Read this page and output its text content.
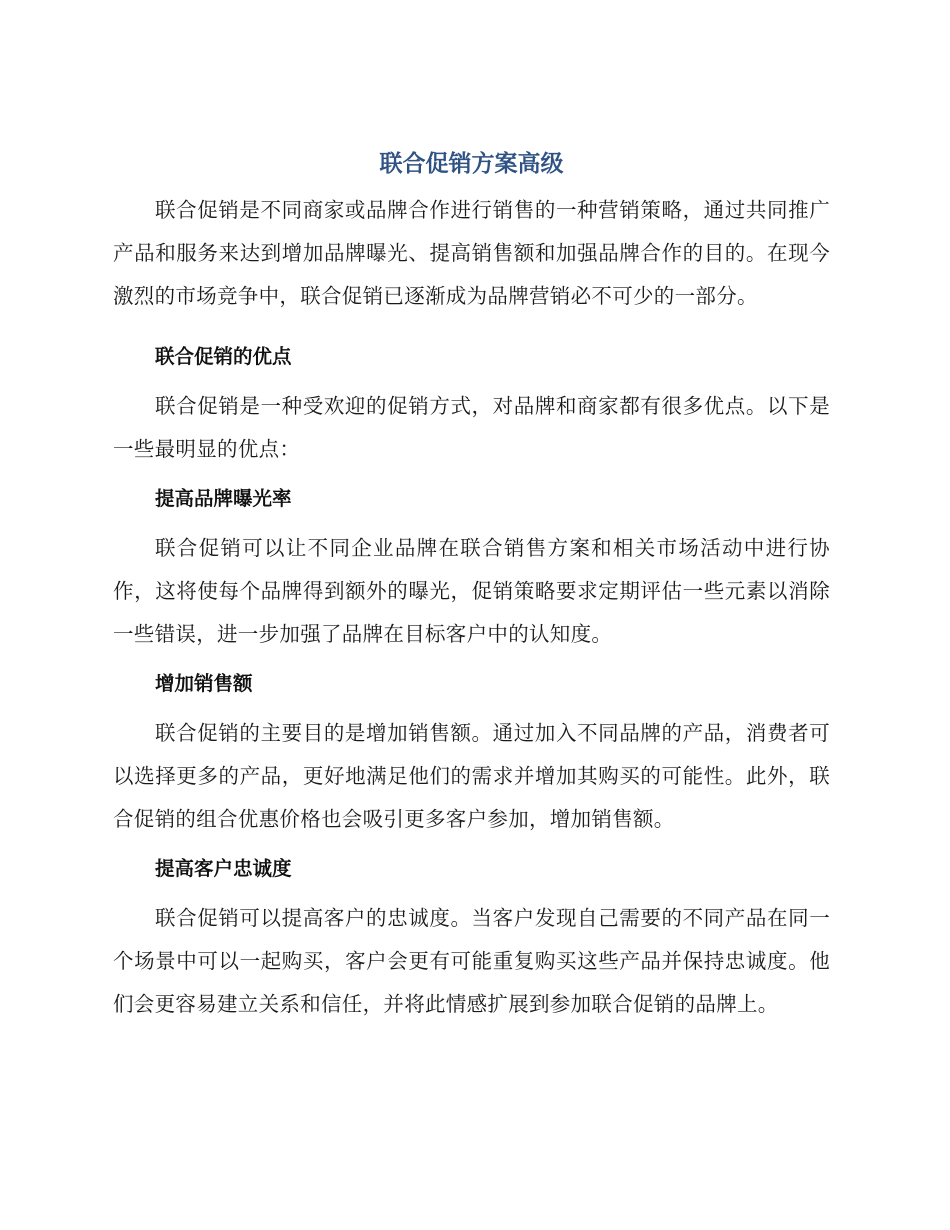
联合促销方案高级

联合促销是不同商家或品牌合作进行销售的一种营销策略，通过共同推广产品和服务来达到增加品牌曝光、提高销售额和加强品牌合作的目的。在现今激烈的市场竞争中，联合促销已逐渐成为品牌营销必不可少的一部分。

联合促销的优点

联合促销是一种受欢迎的促销方式，对品牌和商家都有很多优点。以下是一些最明显的优点：

提高品牌曝光率

联合促销可以让不同企业品牌在联合销售方案和相关市场活动中进行协作，这将使每个品牌得到额外的曝光，促销策略要求定期评估一些元素以消除一些错误，进一步加强了品牌在目标客户中的认知度。

增加销售额

联合促销的主要目的是增加销售额。通过加入不同品牌的产品，消费者可以选择更多的产品，更好地满足他们的需求并增加其购买的可能性。此外，联合促销的组合优惠价格也会吸引更多客户参加，增加销售额。

提高客户忠诚度

联合促销可以提高客户的忠诚度。当客户发现自己需要的不同产品在同一个场景中可以一起购买，客户会更有可能重复购买这些产品并保持忠诚度。他们会更容易建立关系和信任，并将此情感扩展到参加联合促销的品牌上。
